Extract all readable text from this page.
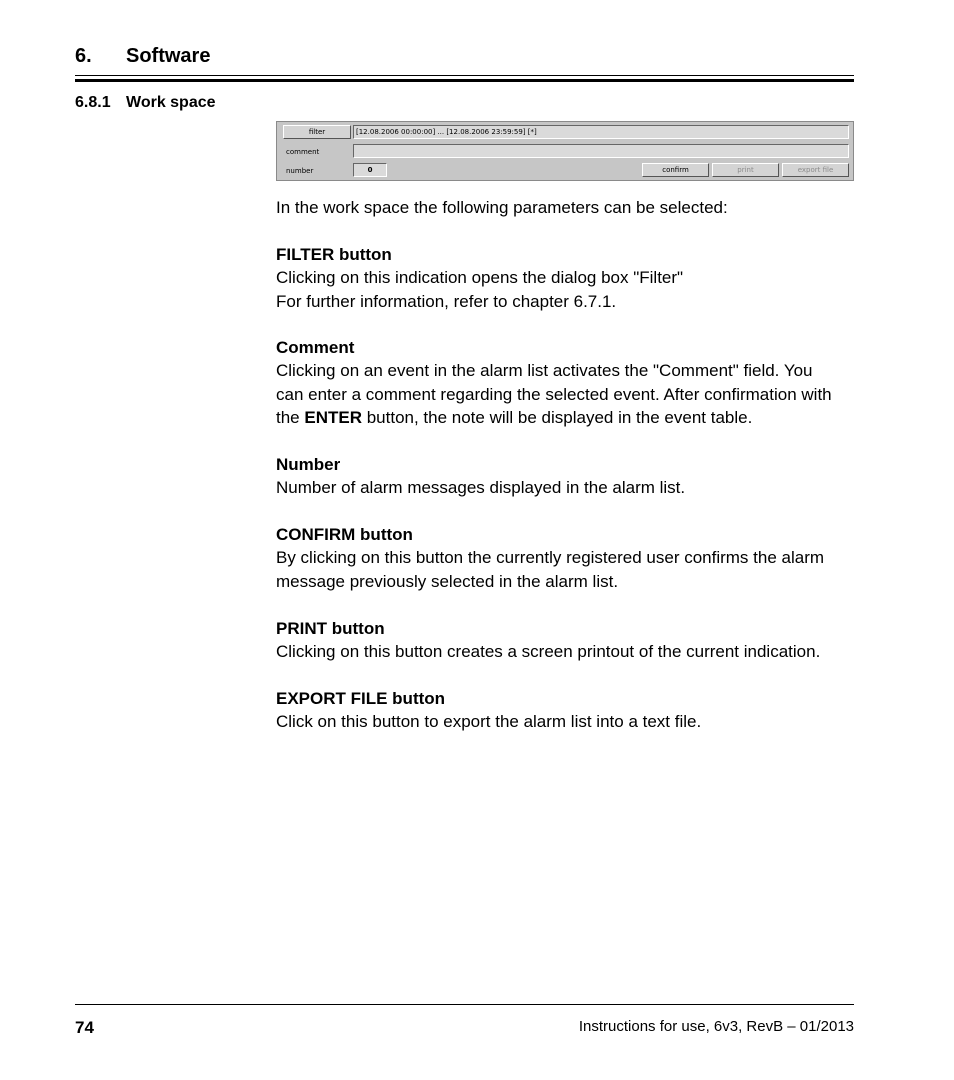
6. Software
6.8.1 Work space
filter	[12.08.2006 00:00:00] ... [12.08.2006 23:59:59] [*]
comment
number	0	confirm	print	export file

In the work space the following parameters can be selected:

FILTER button

Clicking on this indication opens the dialog box "Filter"

For further information, refer to chapter 6.7.1.

Comment

Clicking on an event in the alarm list activates the "Comment" field. You can enter a comment regarding the selected event. After confirmation with the ENTER button, the note will be displayed in the event table.

Number

Number of alarm messages displayed in the alarm list.

CONFIRM button

By clicking on this button the currently registered user confirms the alarm message previously selected in the alarm list.

PRINT button

Clicking on this button creates a screen printout of the current indication.

EXPORT FILE button

Click on this button to export the alarm list into a text file.

74	Instructions for use, 6v3, RevB – 01/2013
